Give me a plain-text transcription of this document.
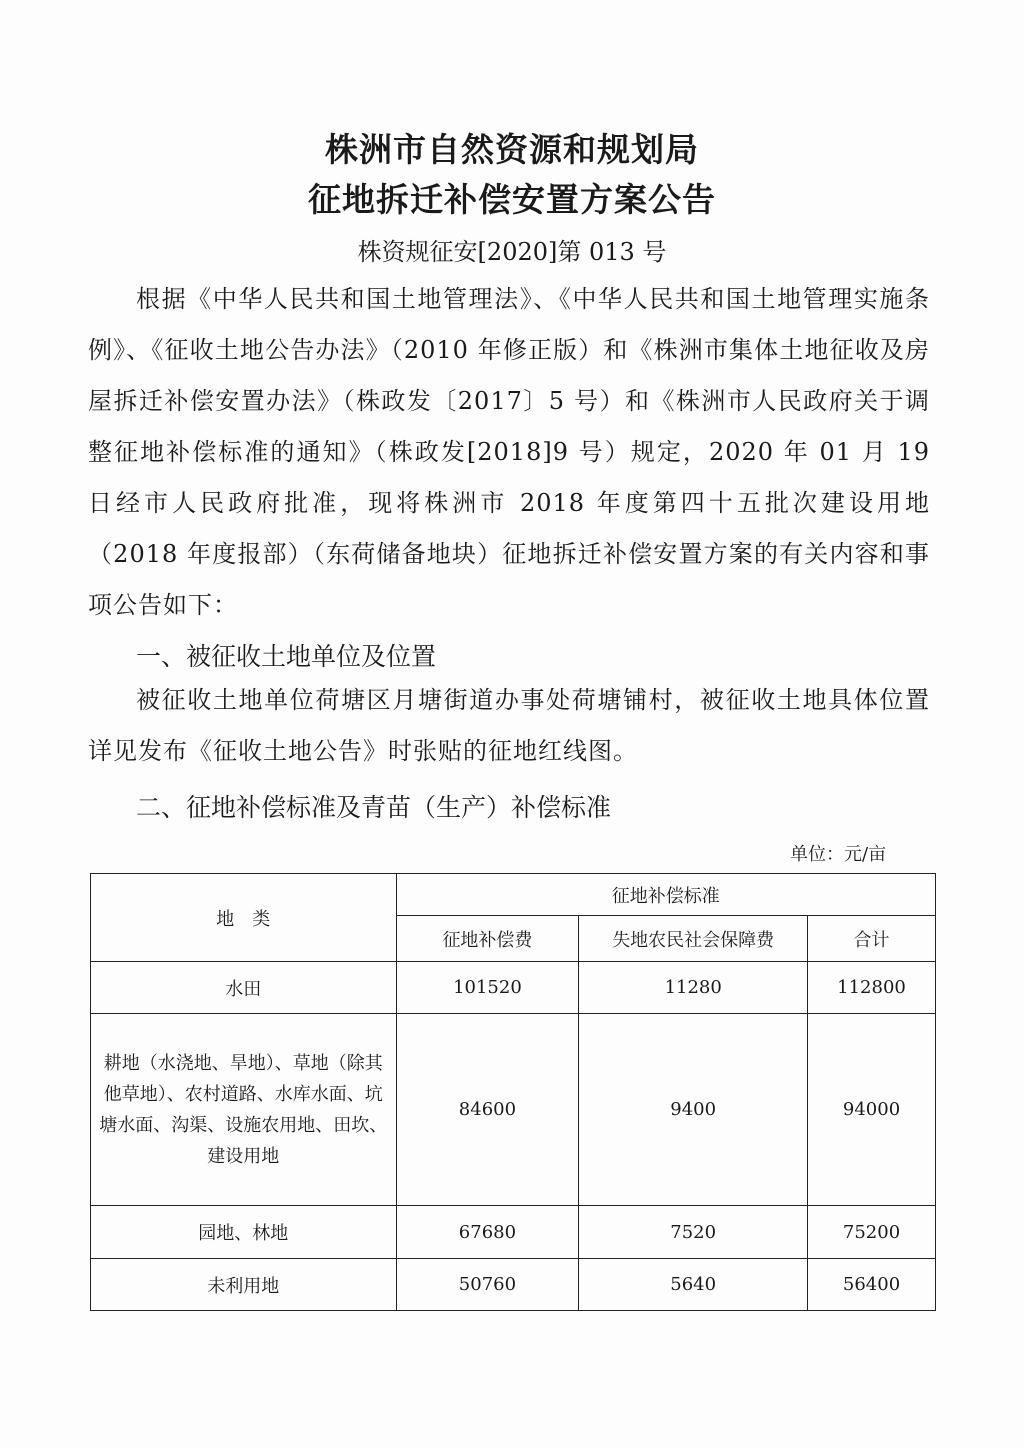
株洲市自然资源和规划局
征地拆迁补偿安置方案公告
株资规征安[2020]第 013 号
根据《中华人民共和国土地管理法》、《中华人民共和国土地管理实施条例》、《征收土地公告办法》（2010 年修正版）和《株洲市集体土地征收及房屋拆迁补偿安置办法》（株政发〔2017〕5 号）和《株洲市人民政府关于调整征地补偿标准的通知》（株政发[2018]9 号）规定，2020 年 01 月 19 日经市人民政府批准，现将株洲市 2018 年度第四十五批次建设用地（2018 年度报部）（东荷储备地块）征地拆迁补偿安置方案的有关内容和事项公告如下：
一、被征收土地单位及位置
被征收土地单位荷塘区月塘街道办事处荷塘铺村，被征收土地具体位置详见发布《征收土地公告》时张贴的征地红线图。
二、征地补偿标准及青苗（生产）补偿标准
单位：元/亩
地　类	征地补偿标准		
	征地补偿费	失地农民社会保障费	合计
水田	101520	11280	112800
耕地（水浇地、旱地）、草地（除其他草地）、农村道路、水库水面、坑塘水面、沟渠、设施农用地、田坎、建设用地	84600	9400	94000
园地、林地	67680	7520	75200
未利用地	50760	5640	56400
